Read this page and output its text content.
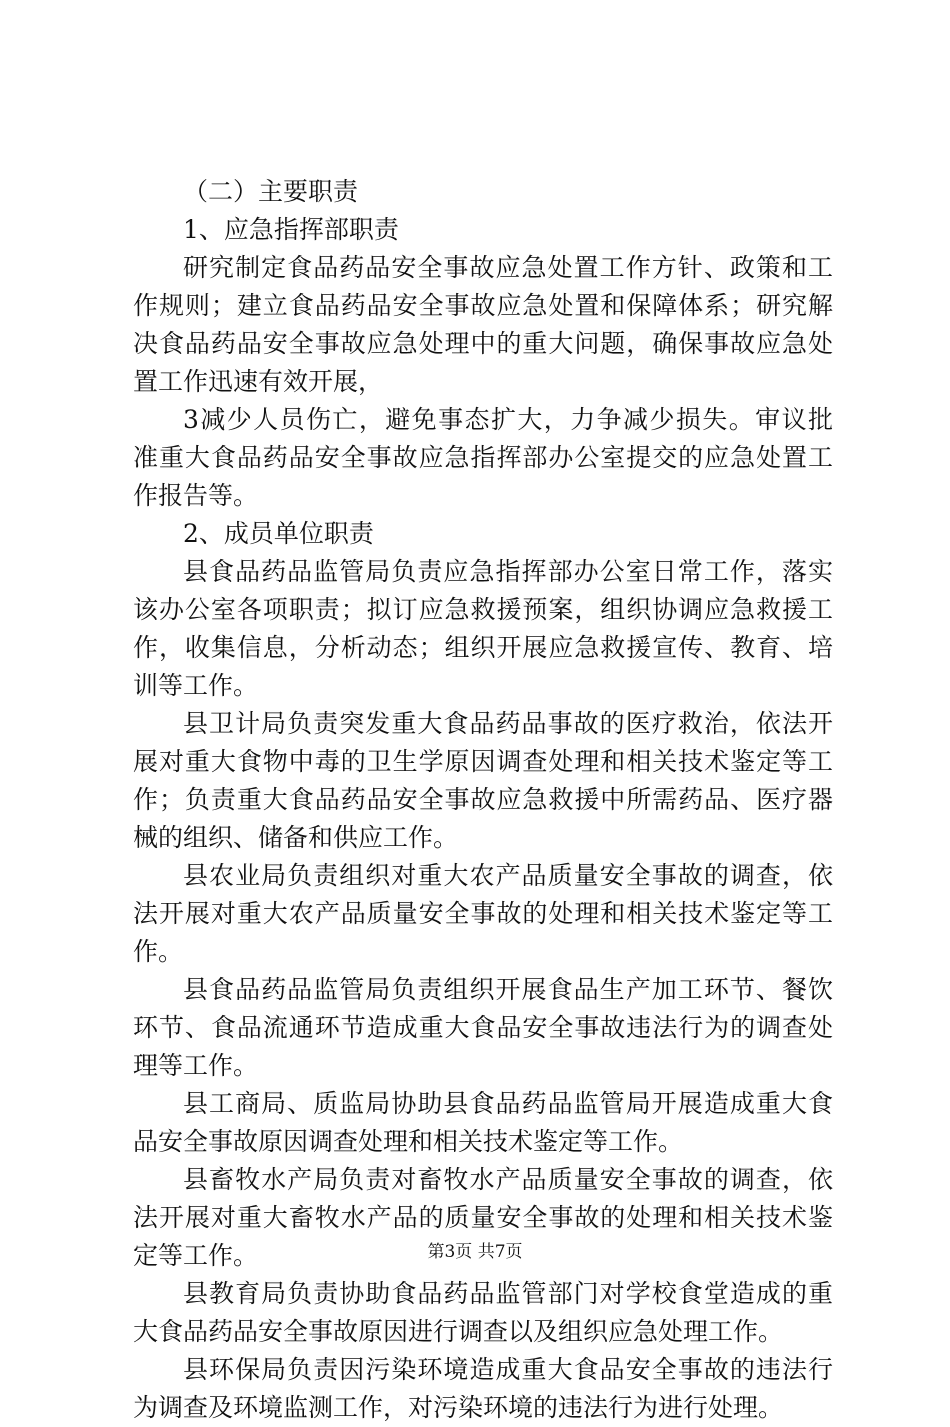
（二）主要职责
1、应急指挥部职责
研究制定食品药品安全事故应急处置工作方针、政策和工
作规则；建立食品药品安全事故应急处置和保障体系；研究解
决食品药品安全事故应急处理中的重大问题，确保事故应急处
置工作迅速有效开展，
3减少人员伤亡，避免事态扩大，力争减少损失。审议批
准重大食品药品安全事故应急指挥部办公室提交的应急处置工
作报告等。
2、成员单位职责
县食品药品监管局负责应急指挥部办公室日常工作，落实
该办公室各项职责；拟订应急救援预案，组织协调应急救援工
作，收集信息，分析动态；组织开展应急救援宣传、教育、培
训等工作。
县卫计局负责突发重大食品药品事故的医疗救治，依法开
展对重大食物中毒的卫生学原因调查处理和相关技术鉴定等工
作；负责重大食品药品安全事故应急救援中所需药品、医疗器
械的组织、储备和供应工作。
县农业局负责组织对重大农产品质量安全事故的调查，依
法开展对重大农产品质量安全事故的处理和相关技术鉴定等工
作。
县食品药品监管局负责组织开展食品生产加工环节、餐饮
环节、食品流通环节造成重大食品安全事故违法行为的调查处
理等工作。
县工商局、质监局协助县食品药品监管局开展造成重大食
品安全事故原因调查处理和相关技术鉴定等工作。
县畜牧水产局负责对畜牧水产品质量安全事故的调查，依
法开展对重大畜牧水产品的质量安全事故的处理和相关技术鉴
定等工作。
县教育局负责协助食品药品监管部门对学校食堂造成的重
大食品药品安全事故原因进行调查以及组织应急处理工作。
县环保局负责因污染环境造成重大食品安全事故的违法行
为调查及环境监测工作，对污染环境的违法行为进行处理。
第3页 共7页
